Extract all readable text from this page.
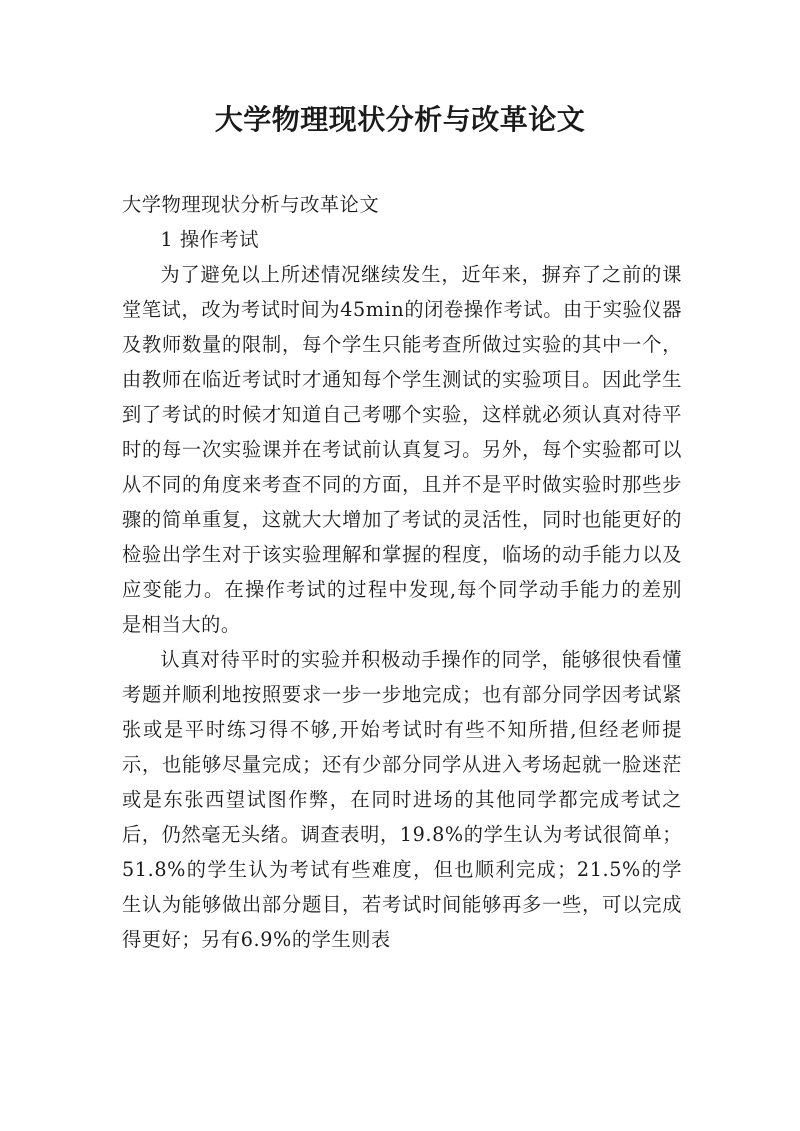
大学物理现状分析与改革论文

大学物理现状分析与改革论文

1 操作考试

为了避免以上所述情况继续发生，近年来，摒弃了之前的课堂笔试，改为考试时间为45min的闭卷操作考试。由于实验仪器及教师数量的限制，每个学生只能考查所做过实验的其中一个，由教师在临近考试时才通知每个学生测试的实验项目。因此学生到了考试的时候才知道自己考哪个实验，这样就必须认真对待平时的每一次实验课并在考试前认真复习。另外，每个实验都可以从不同的角度来考查不同的方面，且并不是平时做实验时那些步骤的简单重复，这就大大增加了考试的灵活性，同时也能更好的检验出学生对于该实验理解和掌握的程度，临场的动手能力以及应变能力。在操作考试的过程中发现,每个同学动手能力的差别是相当大的。

认真对待平时的实验并积极动手操作的同学，能够很快看懂考题并顺利地按照要求一步一步地完成；也有部分同学因考试紧张或是平时练习得不够,开始考试时有些不知所措,但经老师提示，也能够尽量完成；还有少部分同学从进入考场起就一脸迷茫或是东张西望试图作弊，在同时进场的其他同学都完成考试之后，仍然毫无头绪。调查表明，19.8%的学生认为考试很简单；51.8%的学生认为考试有些难度，但也顺利完成；21.5%的学生认为能够做出部分题目，若考试时间能够再多一些，可以完成得更好；另有6.9%的学生则表
